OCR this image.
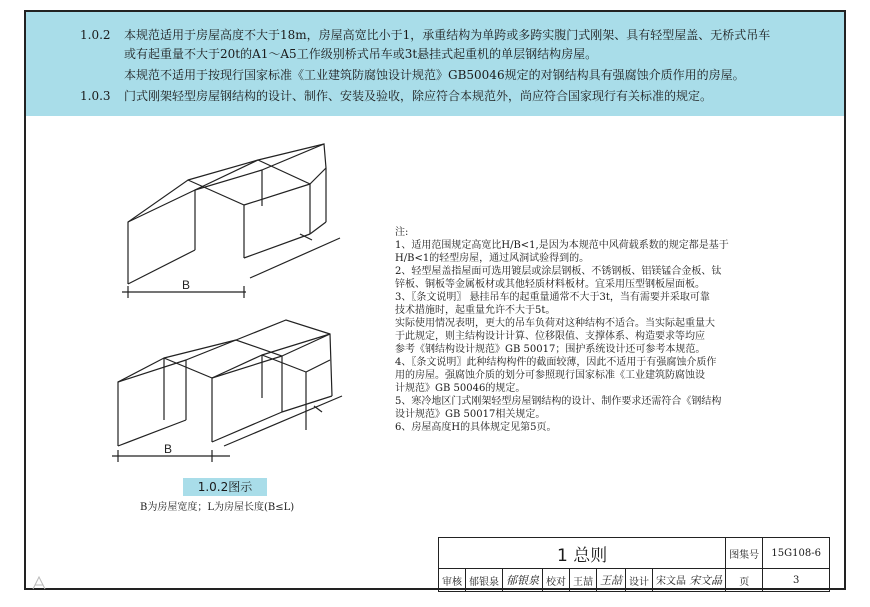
1.0.2 本规范适用于房屋高度不大于18m，房屋高宽比小于1，承重结构为单跨或多跨实腹门式刚架、具有轻型屋盖、无桥式吊车
或有起重量不大于20t的A1～A5工作级别桥式吊车或3t悬挂式起重机的单层钢结构房屋。
本规范不适用于按现行国家标准《工业建筑防腐蚀设计规范》GB50046规定的对钢结构具有强腐蚀介质作用的房屋。
1.0.3 门式刚架轻型房屋钢结构的设计、制作、安装及验收，除应符合本规范外，尚应符合国家现行有关标准的规定。
B
B
1.0.2图示
B为房屋宽度；L为房屋长度(B≤L)
注:
1、适用范围规定高宽比H/B<1,是因为本规范中风荷载系数的规定都是基于
H/B<1的轻型房屋，通过风洞试验得到的。
2、轻型屋盖指屋面可选用镀层或涂层钢板、不锈钢板、铝镁锰合金板、钛
锌板、铜板等金属板材或其他轻质材料板材。宜采用压型钢板屋面板。
3、〖条文说明〗 悬挂吊车的起重量通常不大于3t，当有需要并采取可靠
技术措施时，起重量允许不大于5t。
实际使用情况表明，更大的吊车负荷对这种结构不适合。当实际起重量大
于此规定，则主结构设计计算、位移限值、支撑体系、构造要求等均应
参考《钢结构设计规范》GB 50017；围护系统设计还可参考本规范。
4、〖条文说明〗此种结构构件的截面较薄，因此不适用于有强腐蚀介质作
用的房屋。强腐蚀介质的划分可参照现行国家标准《工业建筑防腐蚀设
计规范》GB 50046的规定。
5、寒冷地区门式刚架轻型房屋钢结构的设计、制作要求还需符合《钢结构
设计规范》GB 50017相关规定。
6、房屋高度H的具体规定见第5页。
1 总则								图集号	15G108-6
审核	郁银泉	郁银泉	校对	王喆	王喆	设计	宋文晶 宋文晶	页	3
